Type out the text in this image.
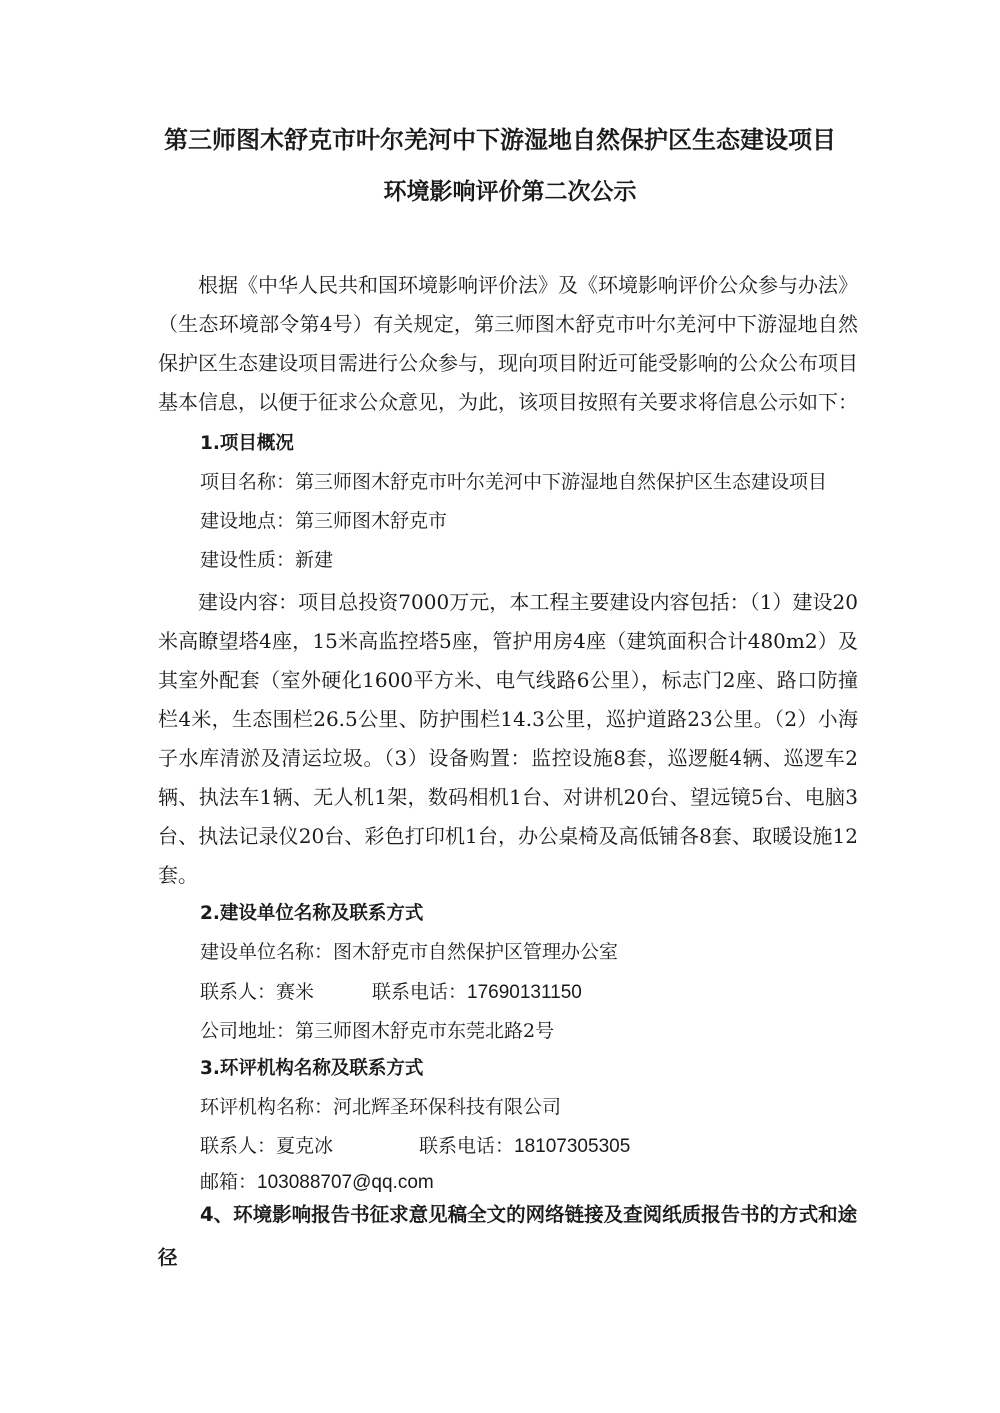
第三师图木舒克市叶尔羌河中下游湿地自然保护区生态建设项目
环境影响评价第二次公示

根据《中华人民共和国环境影响评价法》及《环境影响评价公众参与办法》（生态环境部令第4号）有关规定，第三师图木舒克市叶尔羌河中下游湿地自然保护区生态建设项目需进行公众参与，现向项目附近可能受影响的公众公布项目基本信息，以便于征求公众意见，为此，该项目按照有关要求将信息公示如下：

1.项目概况
项目名称：第三师图木舒克市叶尔羌河中下游湿地自然保护区生态建设项目
建设地点：第三师图木舒克市
建设性质：新建

建设内容：项目总投资7000万元，本工程主要建设内容包括：（1）建设20米高瞭望塔4座，15米高监控塔5座，管护用房4座（建筑面积合计480m2）及其室外配套（室外硬化1600平方米、电气线路6公里），标志门2座、路口防撞栏4米，生态围栏26.5公里、防护围栏14.3公里，巡护道路23公里。（2）小海子水库清淤及清运垃圾。（3）设备购置：监控设施8套，巡逻艇4辆、巡逻车2辆、执法车1辆、无人机1架，数码相机1台、对讲机20台、望远镜5台、电脑3台、执法记录仪20台、彩色打印机1台，办公桌椅及高低铺各8套、取暖设施12套。

2.建设单位名称及联系方式
建设单位名称：图木舒克市自然保护区管理办公室
联系人：赛米	联系电话：17690131150
公司地址：第三师图木舒克市东莞北路2号
3.环评机构名称及联系方式
环评机构名称：河北辉圣环保科技有限公司
联系人：夏克冰	联系电话：18107305305
邮箱：103088707@qq.com
4、环境影响报告书征求意见稿全文的网络链接及查阅纸质报告书的方式和途径
